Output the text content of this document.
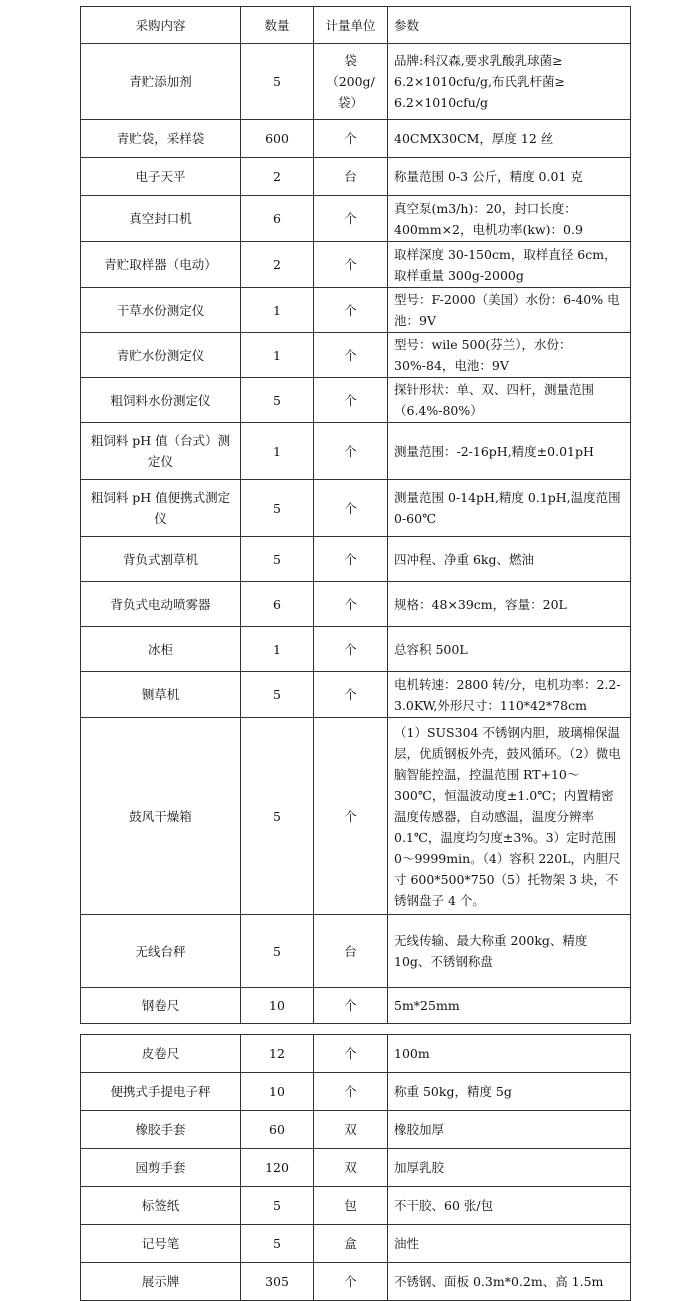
采购内容	数量	计量单位	参数
青贮添加剂	5	袋（200g/袋）	品牌:科汉森,要求乳酸乳球菌≥ 6.2×1010cfu/g,布氏乳杆菌≥ 6.2×1010cfu/g
青贮袋，采样袋	600	个	40CMX30CM，厚度 12 丝
电子天平	2	台	称量范围 0-3 公斤，精度 0.01 克
真空封口机	6	个	真空泵(m3/h)：20，封口长度：400mm×2，电机功率(kw)：0.9
青贮取样器（电动）	2	个	取样深度 30-150cm，取样直径 6cm，取样重量 300g-2000g
干草水份测定仪	1	个	型号：F-2000（美国）水份：6-40% 电池：9V
青贮水份测定仪	1	个	型号：wile 500(芬兰），水份：30%-84，电池：9V
粗饲料水份测定仪	5	个	探针形状：单、双、四杆，测量范围（6.4%-80%）
粗饲料 pH 值（台式）测定仪	1	个	测量范围：-2-16pH,精度±0.01pH
粗饲料 pH 值便携式测定仪	5	个	测量范围 0-14pH,精度 0.1pH,温度范围 0-60℃
背负式割草机	5	个	四冲程、净重 6kg、燃油
背负式电动喷雾器	6	个	规格：48×39cm，容量：20L
冰柜	1	个	总容积 500L
铡草机	5	个	电机转速：2800 转/分，电机功率：2.2-3.0KW,外形尺寸：110*42*78cm
鼓风干燥箱	5	个	（1）SUS304 不锈钢内胆，玻璃棉保温层，优质钢板外壳，鼓风循环。（2）微电脑智能控温，控温范围 RT+10～300℃，恒温波动度±1.0℃；内置精密温度传感器，自动感温，温度分辨率 0.1℃，温度均匀度±3%。3）定时范围 0～9999min。（4）容积 220L，内胆尺寸 600*500*750（5）托物架 3 块，不锈钢盘子 4 个。
无线台秤	5	台	无线传输、最大称重 200kg、精度 10g、不锈钢称盘
钢卷尺	10	个	5m*25mm
皮卷尺	12	个	100m
便携式手提电子秤	10	个	称重 50kg，精度 5g
橡胶手套	60	双	橡胶加厚
园剪手套	120	双	加厚乳胶
标签纸	5	包	不干胶、60 张/包
记号笔	5	盒	油性
展示牌	305	个	不锈钢、面板 0.3m*0.2m、高 1.5m
